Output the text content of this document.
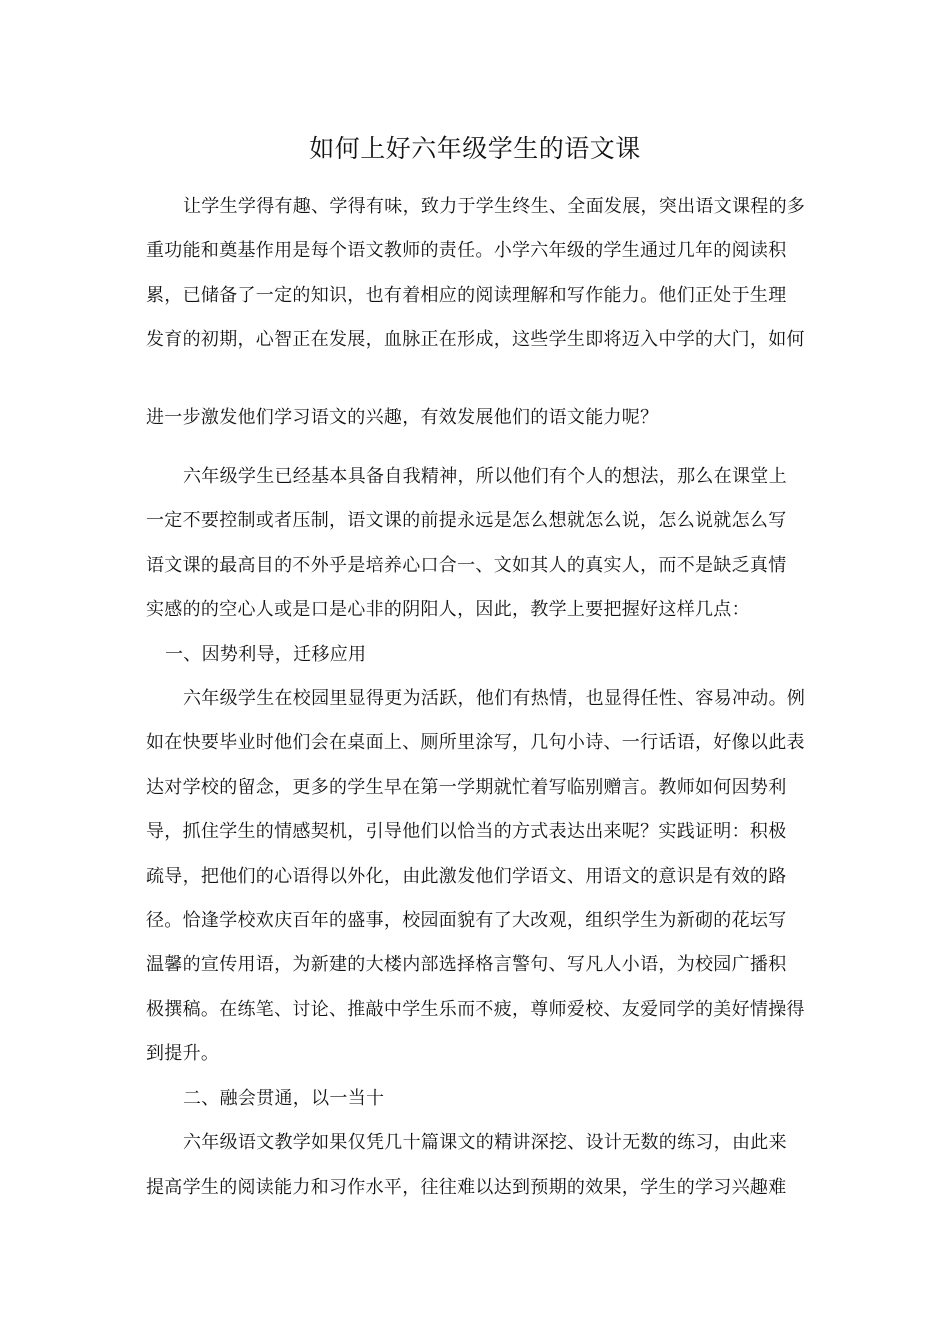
如何上好六年级学生的语文课
让学生学得有趣、学得有味，致力于学生终生、全面发展，突出语文课程的多
重功能和奠基作用是每个语文教师的责任。小学六年级的学生通过几年的阅读积
累，已储备了一定的知识，也有着相应的阅读理解和写作能力。他们正处于生理
发育的初期，心智正在发展，血脉正在形成，这些学生即将迈入中学的大门，如何
进一步激发他们学习语文的兴趣，有效发展他们的语文能力呢？
六年级学生已经基本具备自我精神，所以他们有个人的想法，那么在课堂上
一定不要控制或者压制，语文课的前提永远是怎么想就怎么说，怎么说就怎么写
语文课的最高目的不外乎是培养心口合一、文如其人的真实人，而不是缺乏真情
实感的的空心人或是口是心非的阴阳人，因此，教学上要把握好这样几点：
一、因势利导，迁移应用
六年级学生在校园里显得更为活跃，他们有热情，也显得任性、容易冲动。例
如在快要毕业时他们会在桌面上、厕所里涂写，几句小诗、一行话语，好像以此表
达对学校的留念，更多的学生早在第一学期就忙着写临别赠言。教师如何因势利
导，抓住学生的情感契机，引导他们以恰当的方式表达出来呢？实践证明：积极
疏导，把他们的心语得以外化，由此激发他们学语文、用语文的意识是有效的路
径。恰逢学校欢庆百年的盛事，校园面貌有了大改观，组织学生为新砌的花坛写
温馨的宣传用语，为新建的大楼内部选择格言警句、写凡人小语，为校园广播积
极撰稿。在练笔、讨论、推敲中学生乐而不疲，尊师爱校、友爱同学的美好情操得
到提升。
二、融会贯通，以一当十
六年级语文教学如果仅凭几十篇课文的精讲深挖、设计无数的练习，由此来
提高学生的阅读能力和习作水平，往往难以达到预期的效果，学生的学习兴趣难
